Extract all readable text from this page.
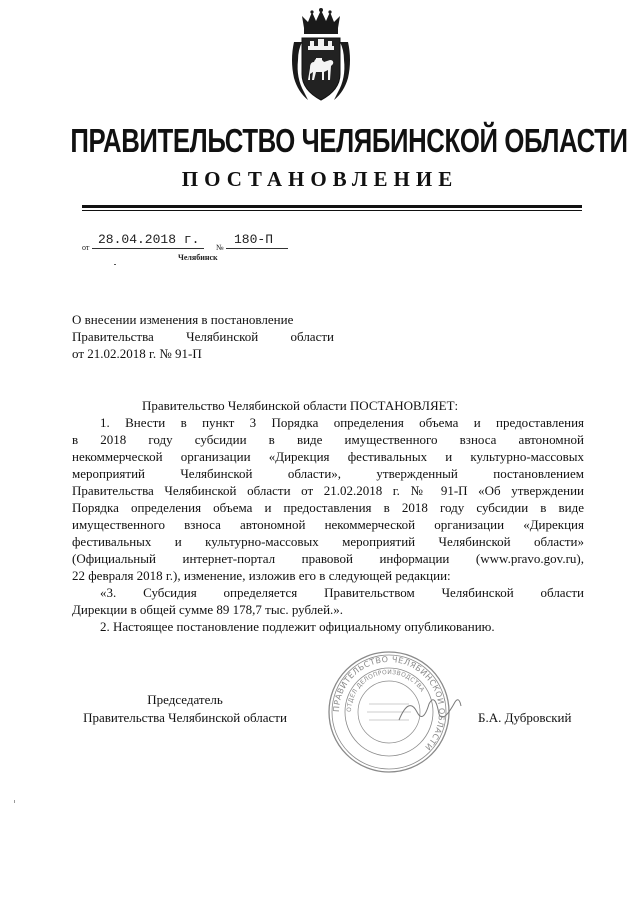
ПРАВИТЕЛЬСТВО ЧЕЛЯБИНСКОЙ ОБЛАСТИ
ПОСТАНОВЛЕНИЕ
от
28.04.2018 г.
№
180-П
Челябинск
О внесении изменения в постановление
Правительства Челябинской области
от 21.02.2018 г. № 91-П
Правительство Челябинской области ПОСТАНОВЛЯЕТ:
1. Внести в пункт 3 Порядка определения объема и предоставления
в 2018 году субсидии в виде имущественного взноса автономной
некоммерческой организации «Дирекция фестивальных и культурно-массовых
мероприятий Челябинской области», утвержденный постановлением
Правительства Челябинской области от 21.02.2018 г. № 91-П «Об утверждении
Порядка определения объема и предоставления в 2018 году субсидии в виде
имущественного взноса автономной некоммерческой организации «Дирекция
фестивальных и культурно-массовых мероприятий Челябинской области»
(Официальный интернет-портал правовой информации (www.pravo.gov.ru),
22 февраля 2018 г.), изменение, изложив его в следующей редакции:
«3. Субсидия определяется Правительством Челябинской области
Дирекции в общей сумме 89 178,7 тыс. рублей.».
2. Настоящее постановление подлежит официальному опубликованию.
Председатель
Правительства Челябинской области
ПРАВИТЕЛЬСТВО ЧЕЛЯБИНСКОЙ ОБЛАСТИ
ОТДЕЛ ДЕЛОПРОИЗВОДСТВА
Б.А. Дубровский
